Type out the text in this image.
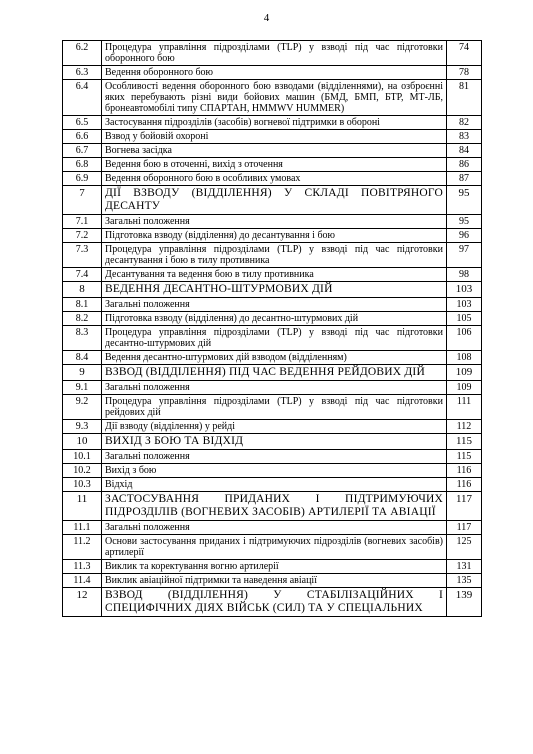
4
6.2	Процедура управління підрозділами (TLP) у взводі під час підготовки оборонного бою	74
6.3	Ведення оборонного бою	78
6.4	Особливості ведення оборонного бою взводами (відділеннями), на озброєнні яких перебувають різні види бойових машин (БМД, БМП, БТР, МТ-ЛБ, бронеавтомобілі типу СПАРТАН, HMMWV HUMMER)	81
6.5	Застосування підрозділів (засобів) вогневої підтримки в обороні	82
6.6	Взвод у бойовій охороні	83
6.7	Вогнева засідка	84
6.8	Ведення бою в оточенні, вихід з оточення	86
6.9	Ведення оборонного бою в особливих умовах	87
7	ДІЇ ВЗВОДУ (ВІДДІЛЕННЯ) У СКЛАДІ ПОВІТРЯНОГО ДЕСАНТУ	95
7.1	Загальні положення	95
7.2	Підготовка взводу (відділення) до десантування і бою	96
7.3	Процедура управління підрозділами (TLP) у взводі під час підготовки десантування і бою в тилу противника	97
7.4	Десантування та ведення бою в тилу противника	98
8	ВЕДЕННЯ ДЕСАНТНО-ШТУРМОВИХ ДІЙ	103
8.1	Загальні положення	103
8.2	Підготовка взводу (відділення) до десантно-штурмових дій	105
8.3	Процедура управління підрозділами (TLP) у взводі під час підготовки десантно-штурмових дій	106
8.4	Ведення десантно-штурмових дій взводом (відділенням)	108
9	ВЗВОД (ВІДДІЛЕННЯ) ПІД ЧАС ВЕДЕННЯ РЕЙДОВИХ ДІЙ	109
9.1	Загальні положення	109
9.2	Процедура управління підрозділами (TLP) у взводі під час підготовки рейдових дій	111
9.3	Дії взводу (відділення) у рейді	112
10	ВИХІД З БОЮ ТА ВІДХІД	115
10.1	Загальні положення	115
10.2	Вихід з бою	116
10.3	Відхід	116
11	ЗАСТОСУВАННЯ ПРИДАНИХ І ПІДТРИМУЮЧИХ ПІДРОЗДІЛІВ (ВОГНЕВИХ ЗАСОБІВ) АРТИЛЕРІЇ ТА АВІАЦІЇ	117
11.1	Загальні положення	117
11.2	Основи застосування приданих і підтримуючих підрозділів (вогневих засобів) артилерії	125
11.3	Виклик та коректування вогню артилерії	131
11.4	Виклик авіаційної підтримки та наведення авіації	135
12	ВЗВОД (ВІДДІЛЕННЯ) У СТАБІЛІЗАЦІЙНИХ І СПЕЦИФІЧНИХ ДІЯХ ВІЙСЬК (СИЛ) ТА У СПЕЦІАЛЬНИХ	139
